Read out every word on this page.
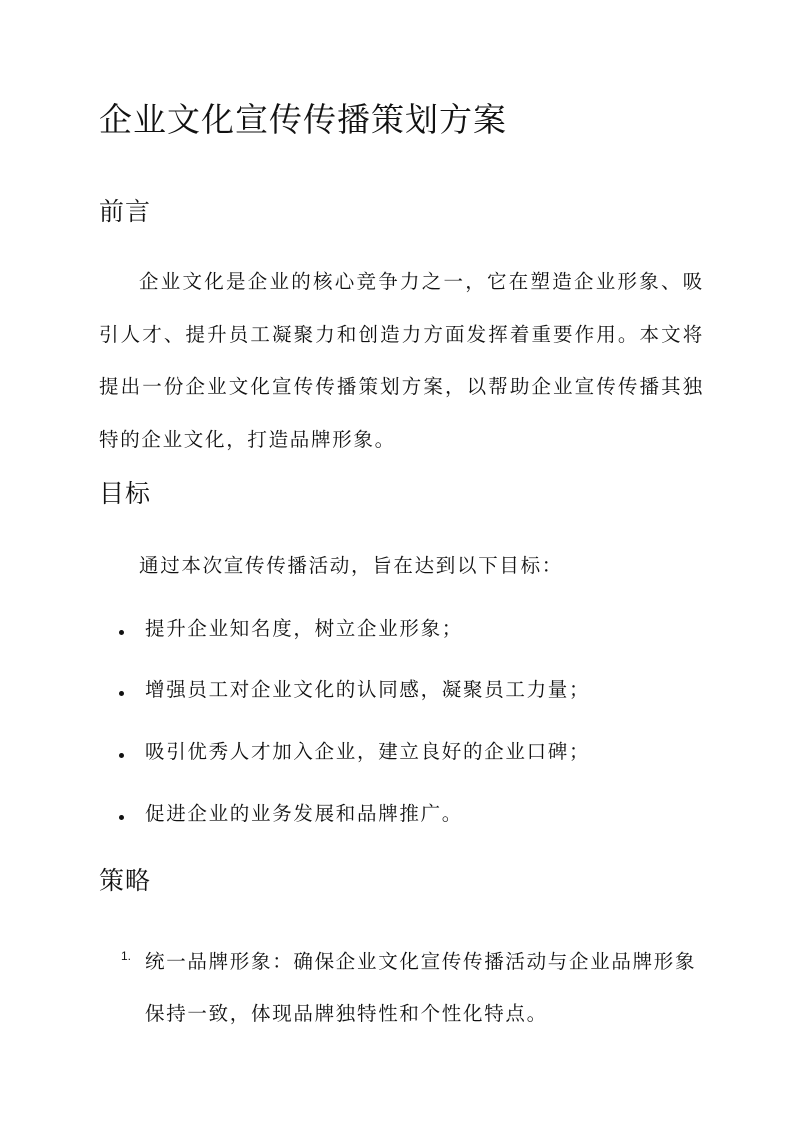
企业文化宣传传播策划方案
前言

企业文化是企业的核心竞争力之一，它在塑造企业形象、吸引人才、提升员工凝聚力和创造力方面发挥着重要作用。本文将提出一份企业文化宣传传播策划方案，以帮助企业宣传传播其独特的企业文化，打造品牌形象。

目标

通过本次宣传传播活动，旨在达到以下目标：

提升企业知名度，树立企业形象；
增强员工对企业文化的认同感，凝聚员工力量；
吸引优秀人才加入企业，建立良好的企业口碑；
促进企业的业务发展和品牌推广。
策略
1. 统一品牌形象：确保企业文化宣传传播活动与企业品牌形象保持一致，体现品牌独特性和个性化特点。
